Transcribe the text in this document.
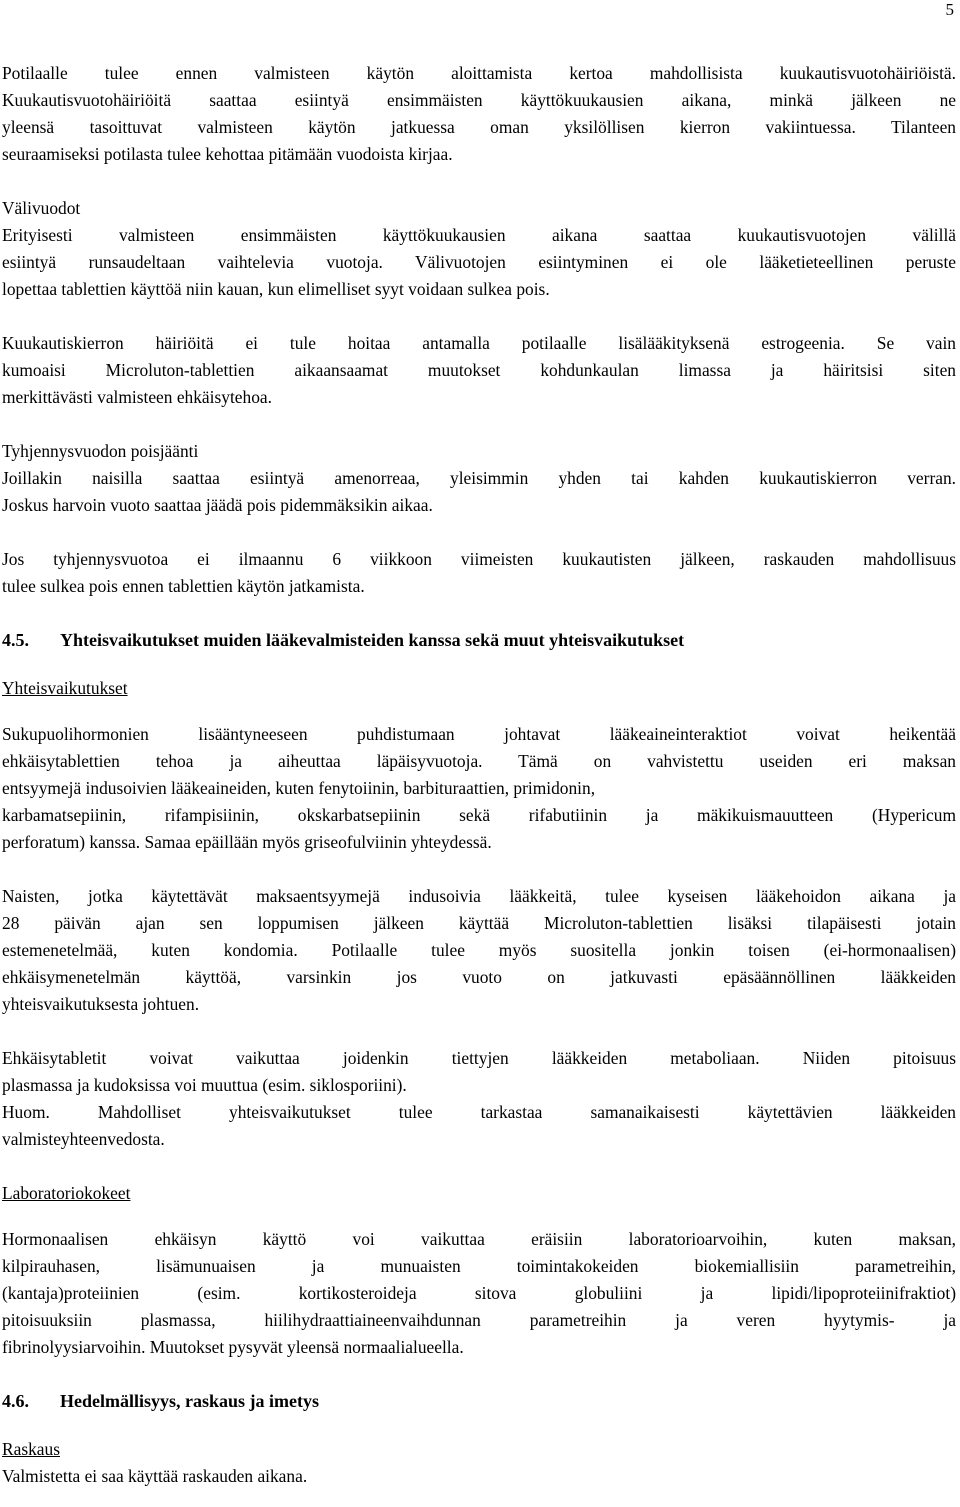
5
Potilaalle tulee ennen valmisteen käytön aloittamista kertoa mahdollisista kuukautisvuotohäiriöistä.
Kuukautisvuotohäiriöitä saattaa esiintyä ensimmäisten käyttökuukausien aikana, minkä jälkeen ne
yleensä tasoittuvat valmisteen käytön jatkuessa oman yksilöllisen kierron vakiintuessa. Tilanteen
seuraamiseksi potilasta tulee kehottaa pitämään vuodoista kirjaa.
Välivuodot
Erityisesti valmisteen ensimmäisten käyttökuukausien aikana saattaa kuukautisvuotojen välillä
esiintyä runsaudeltaan vaihtelevia vuotoja. Välivuotojen esiintyminen ei ole lääketieteellinen peruste
lopettaa tablettien käyttöä niin kauan, kun elimelliset syyt voidaan sulkea pois.
Kuukautiskierron häiriöitä ei tule hoitaa antamalla potilaalle lisälääkityksenä estrogeenia. Se vain
kumoaisi Microluton-tablettien aikaansaamat muutokset kohdunkaulan limassa ja häiritsisi siten
merkittävästi valmisteen ehkäisytehoa.
Tyhjennysvuodon poisjäänti
Joillakin naisilla saattaa esiintyä amenorreaa, yleisimmin yhden tai kahden kuukautiskierron verran.
Joskus harvoin vuoto saattaa jäädä pois pidemmäksikin aikaa.
Jos tyhjennysvuotoa ei ilmaannu 6 viikkoon viimeisten kuukautisten jälkeen, raskauden mahdollisuus
tulee sulkea pois ennen tablettien käytön jatkamista.
4.5. Yhteisvaikutukset muiden lääkevalmisteiden kanssa sekä muut yhteisvaikutukset
Yhteisvaikutukset
Sukupuolihormonien lisääntyneeseen puhdistumaan johtavat lääkeaineinteraktiot voivat heikentää
ehkäisytablettien tehoa ja aiheuttaa läpäisyvuotoja. Tämä on vahvistettu useiden eri maksan
entsyymejä indusoivien lääkeaineiden, kuten fenytoiinin, barbituraattien, primidonin,
karbamatsepiinin, rifampisiinin, okskarbatsepiinin sekä rifabutiinin ja mäkikuismauutteen (Hypericum
perforatum) kanssa. Samaa epäillään myös griseofulviinin yhteydessä.
Naisten, jotka käytettävät maksaentsyymejä indusoivia lääkkeitä, tulee kyseisen lääkehoidon aikana ja
28 päivän ajan sen loppumisen jälkeen käyttää Microluton-tablettien lisäksi tilapäisesti jotain
estemenetelmää, kuten kondomia. Potilaalle tulee myös suositella jonkin toisen (ei-hormonaalisen)
ehkäisymenetelmän käyttöä, varsinkin jos vuoto on jatkuvasti epäsäännöllinen lääkkeiden
yhteisvaikutuksesta johtuen.
Ehkäisytabletit voivat vaikuttaa joidenkin tiettyjen lääkkeiden metaboliaan. Niiden pitoisuus
plasmassa ja kudoksissa voi muuttua (esim. siklosporiini).
Huom. Mahdolliset yhteisvaikutukset tulee tarkastaa samanaikaisesti käytettävien lääkkeiden
valmisteyhteenvedosta.
Laboratoriokokeet
Hormonaalisen ehkäisyn käyttö voi vaikuttaa eräisiin laboratorioarvoihin, kuten maksan,
kilpirauhasen, lisämunuaisen ja munuaisten toimintakokeiden biokemiallisiin parametreihin,
(kantaja)proteiinien (esim. kortikosteroideja sitova globuliini ja lipidi/lipoproteiinifraktiot)
pitoisuuksiin plasmassa, hiilihydraattiaineenvaihdunnan parametreihin ja veren hyytymis- ja
fibrinolyysiarvoihin. Muutokset pysyvät yleensä normaalialueella.
4.6. Hedelmällisyys, raskaus ja imetys
Raskaus
Valmistetta ei saa käyttää raskauden aikana.
